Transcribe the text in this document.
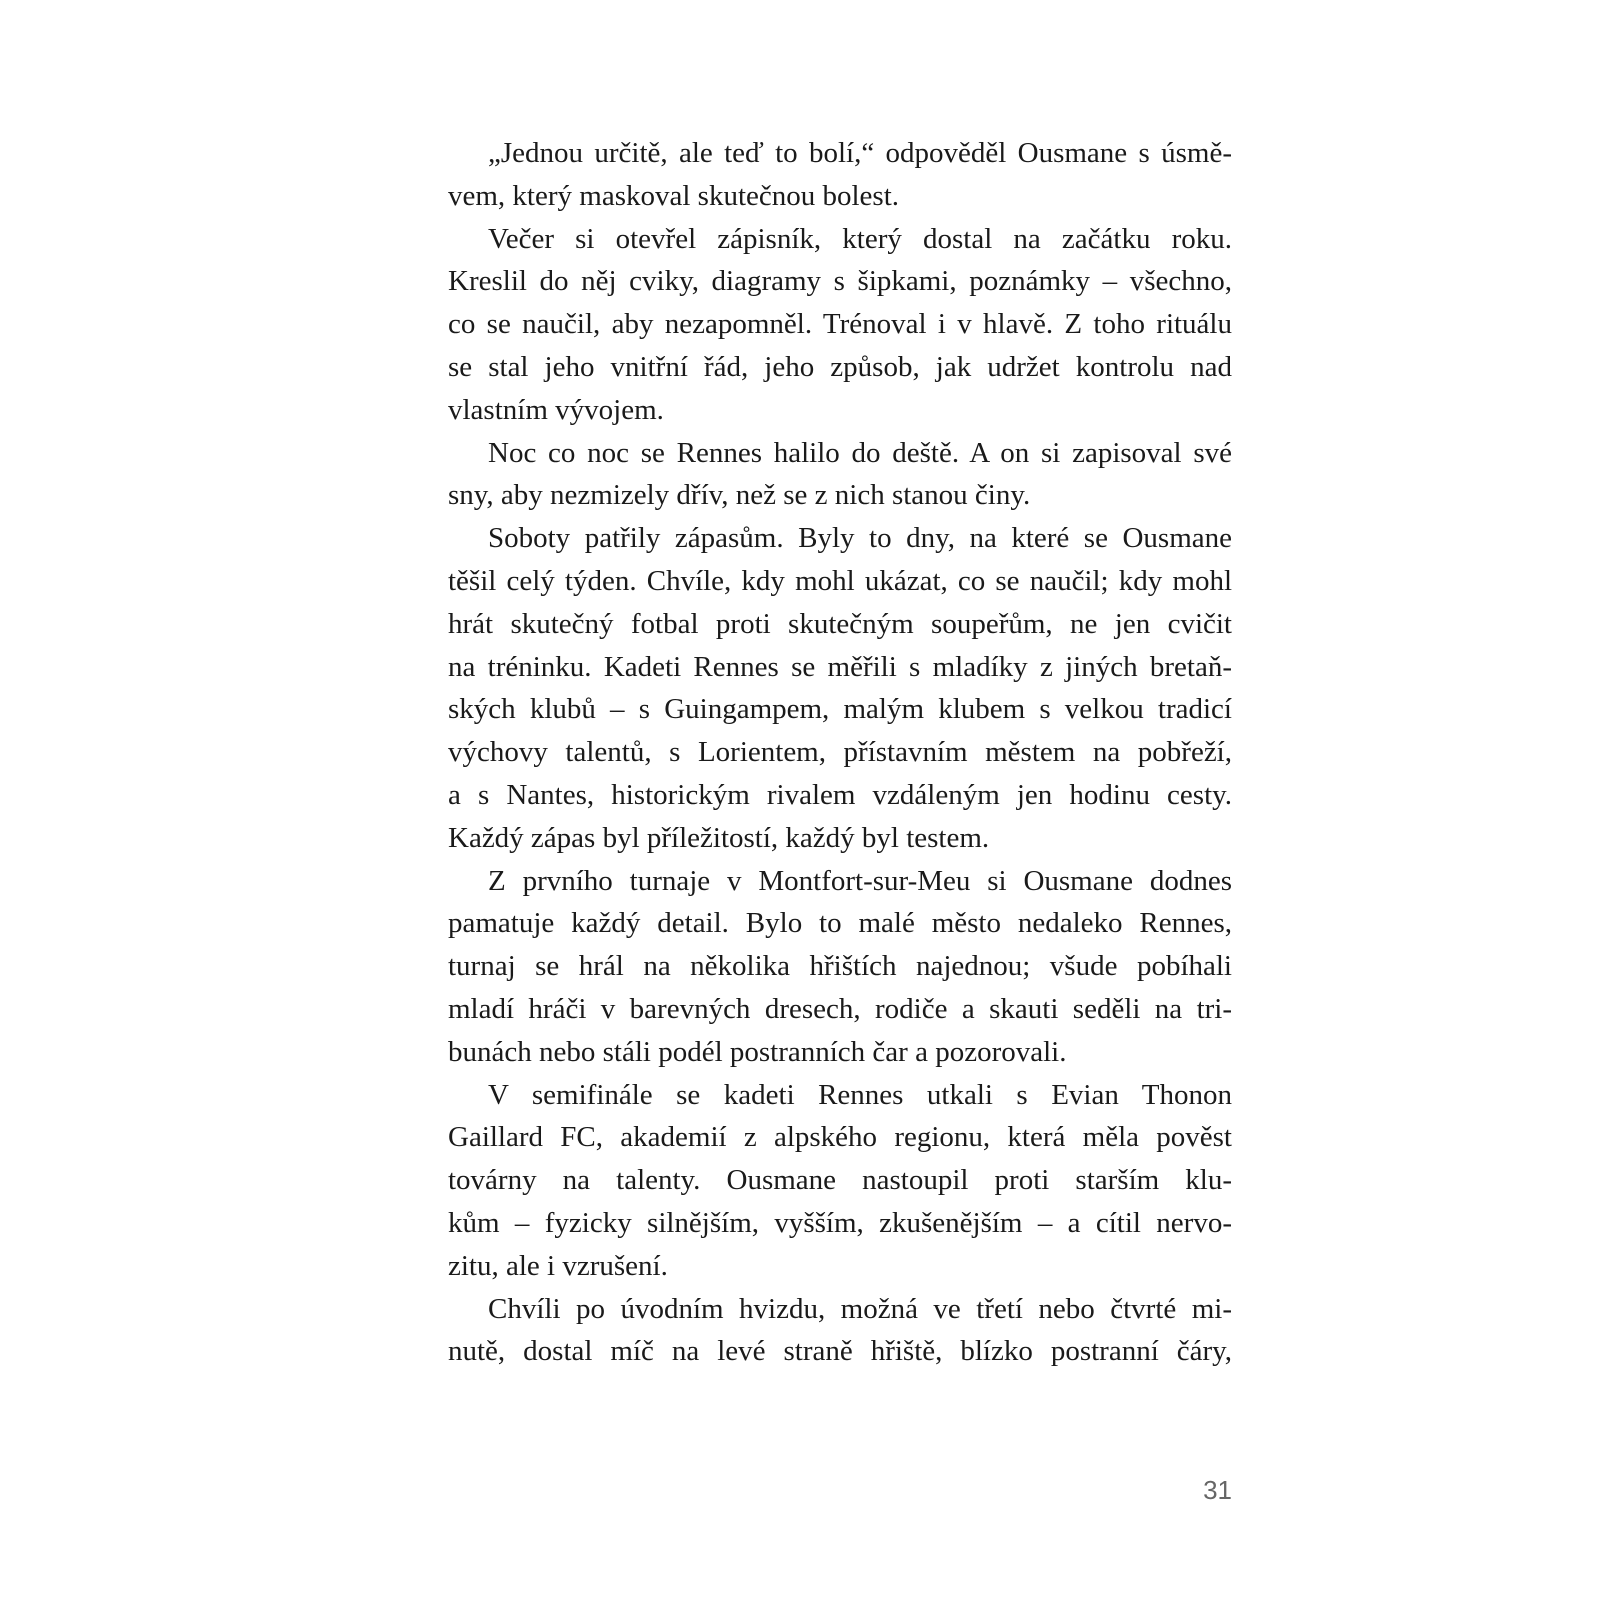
„Jednou určitě, ale teď to bolí,“ odpověděl Ousmane s úsmě-
vem, který maskoval skutečnou bolest.
Večer si otevřel zápisník, který dostal na začátku roku.
Kreslil do něj cviky, diagramy s šipkami, poznámky – všechno,
co se naučil, aby nezapomněl. Trénoval i v hlavě. Z toho rituálu
se stal jeho vnitřní řád, jeho způsob, jak udržet kontrolu nad
vlastním vývojem.
Noc co noc se Rennes halilo do deště. A on si zapisoval své
sny, aby nezmizely dřív, než se z nich stanou činy.
Soboty patřily zápasům. Byly to dny, na které se Ousmane
těšil celý týden. Chvíle, kdy mohl ukázat, co se naučil; kdy mohl
hrát skutečný fotbal proti skutečným soupeřům, ne jen cvičit
na tréninku. Kadeti Rennes se měřili s mladíky z jiných bretaň-
ských klubů – s Guingampem, malým klubem s velkou tradicí
výchovy talentů, s Lorientem, přístavním městem na pobřeží,
a s Nantes, historickým rivalem vzdáleným jen hodinu cesty.
Každý zápas byl příležitostí, každý byl testem.
Z prvního turnaje v Montfort-sur-Meu si Ousmane dodnes
pamatuje každý detail. Bylo to malé město nedaleko Rennes,
turnaj se hrál na několika hřištích najednou; všude pobíhali
mladí hráči v barevných dresech, rodiče a skauti seděli na tri-
bunách nebo stáli podél postranních čar a pozorovali.
V semifinále se kadeti Rennes utkali s Evian Thonon
Gaillard FC, akademií z alpského regionu, která měla pověst
továrny na talenty. Ousmane nastoupil proti starším klu-
kům – fyzicky silnějším, vyšším, zkušenějším – a cítil nervo-
zitu, ale i vzrušení.
Chvíli po úvodním hvizdu, možná ve třetí nebo čtvrté mi-
nutě, dostal míč na levé straně hřiště, blízko postranní čáry,
31
